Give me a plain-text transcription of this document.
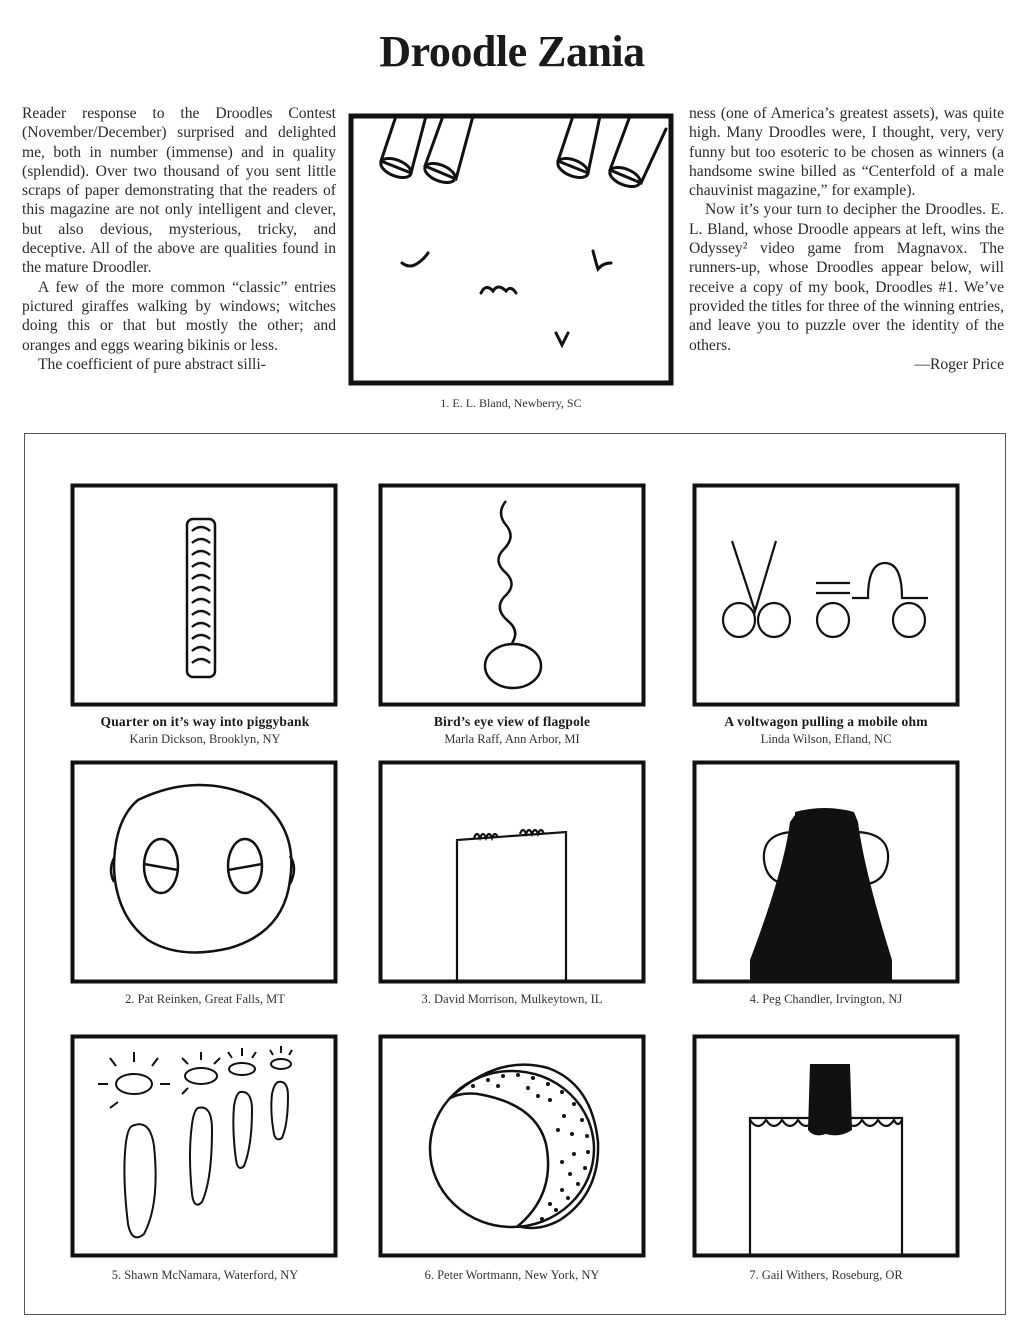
Droodle Zania

Reader response to the Droodles Contest (November/December) surprised and delighted me, both in number (immense) and in quality (splendid). Over two thousand of you sent little scraps of paper demonstrating that the readers of this magazine are not only intelligent and clever, but also devious, mysterious, tricky, and deceptive. All of the above are qualities found in the mature Droodler.

A few of the more common “classic” entries pictured giraffes walking by windows; witches doing this or that but mostly the other; and oranges and eggs wearing bikinis or less.

The coefficient of pure abstract silli-

1. E. L. Bland, Newberry, SC

ness (one of America’s greatest assets), was quite high. Many Droodles were, I thought, very, very funny but too esoteric to be chosen as winners (a handsome swine billed as “Centerfold of a male chauvinist magazine,” for example).

Now it’s your turn to decipher the Droodles. E. L. Bland, whose Droodle appears at left, wins the Odyssey² video game from Magnavox. The runners-up, whose Droodles appear below, will receive a copy of my book, Droodles #1. We’ve provided the titles for three of the winning entries, and leave you to puzzle over the identity of the others.

—Roger Price

Quarter on it’s way into piggybank
Karin Dickson, Brooklyn, NY
Bird’s eye view of flagpole
Marla Raff, Ann Arbor, MI
A voltwagon pulling a mobile ohm
Linda Wilson, Efland, NC
2. Pat Reinken, Great Falls, MT	3. David Morrison, Mulkeytown, IL	4. Peg Chandler, Irvington, NJ
5. Shawn McNamara, Waterford, NY	6. Peter Wortmann, New York, NY	7. Gail Withers, Roseburg, OR
